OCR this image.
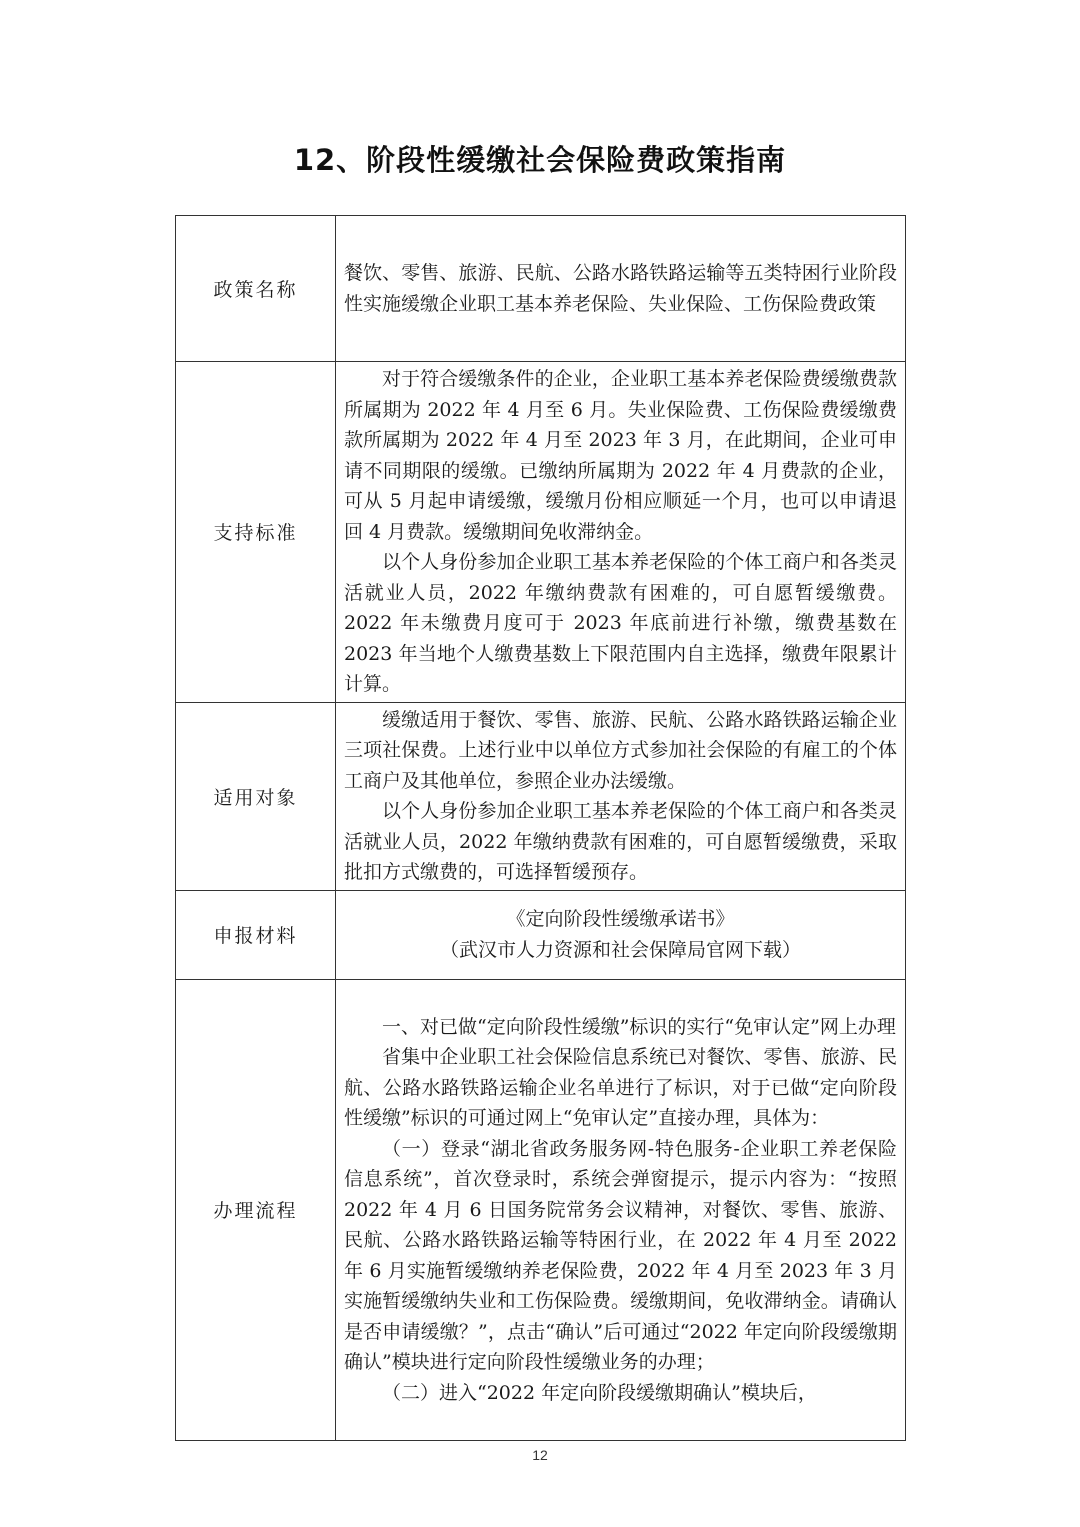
12、阶段性缓缴社会保险费政策指南
政策名称	餐饮、零售、旅游、民航、公路水路铁路运输等五类特困行业阶段性实施缓缴企业职工基本养老保险、失业保险、工伤保险费政策

支持标准	对于符合缓缴条件的企业，企业职工基本养老保险费缓缴费款所属期为 2022 年 4 月至 6 月。失业保险费、工伤保险费缓缴费款所属期为 2022 年 4 月至 2023 年 3 月，在此期间，企业可申请不同期限的缓缴。已缴纳所属期为 2022 年 4 月费款的企业，可从 5 月起申请缓缴，缓缴月份相应顺延一个月，也可以申请退回 4 月费款。缓缴期间免收滞纳金。

以个人身份参加企业职工基本养老保险的个体工商户和各类灵活就业人员，2022 年缴纳费款有困难的，可自愿暂缓缴费。2022 年未缴费月度可于 2023 年底前进行补缴，缴费基数在 2023 年当地个人缴费基数上下限范围内自主选择，缴费年限累计计算。

适用对象	缓缴适用于餐饮、零售、旅游、民航、公路水路铁路运输企业三项社保费。上述行业中以单位方式参加社会保险的有雇工的个体工商户及其他单位，参照企业办法缓缴。

以个人身份参加企业职工基本养老保险的个体工商户和各类灵活就业人员，2022 年缴纳费款有困难的，可自愿暂缓缴费，采取批扣方式缴费的，可选择暂缓预存。

申报材料	《定向阶段性缓缴承诺书》

（武汉市人力资源和社会保障局官网下载）

办理流程	一、对已做“定向阶段性缓缴”标识的实行“免审认定”网上办理

省集中企业职工社会保险信息系统已对餐饮、零售、旅游、民航、公路水路铁路运输企业名单进行了标识，对于已做“定向阶段性缓缴”标识的可通过网上“免审认定”直接办理，具体为：

（一）登录“湖北省政务服务网-特色服务-企业职工养老保险信息系统”，首次登录时，系统会弹窗提示，提示内容为：“按照 2022 年 4 月 6 日国务院常务会议精神，对餐饮、零售、旅游、民航、公路水路铁路运输等特困行业，在 2022 年 4 月至 2022 年 6 月实施暂缓缴纳养老保险费，2022 年 4 月至 2023 年 3 月实施暂缓缴纳失业和工伤保险费。缓缴期间，免收滞纳金。请确认是否申请缓缴？”，点击“确认”后可通过“2022 年定向阶段缓缴期确认”模块进行定向阶段性缓缴业务的办理；

（二）进入“2022 年定向阶段缓缴期确认”模块后，

12
